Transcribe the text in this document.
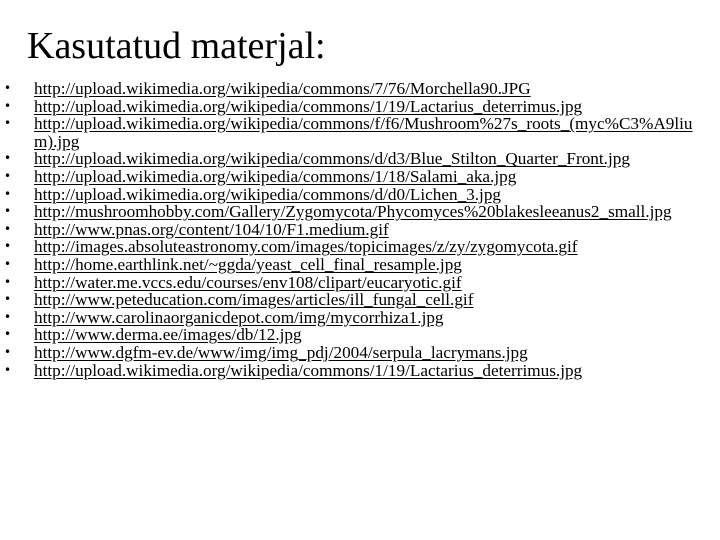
Kasutatud materjal:
• http://upload.wikimedia.org/wikipedia/commons/7/76/Morchella90.JPG
• http://upload.wikimedia.org/wikipedia/commons/1/19/Lactarius_deterrimus.jpg
• http://upload.wikimedia.org/wikipedia/commons/f/f6/Mushroom%27s_roots_(myc%C3%A9lium).jpg
• http://upload.wikimedia.org/wikipedia/commons/d/d3/Blue_Stilton_Quarter_Front.jpg
• http://upload.wikimedia.org/wikipedia/commons/1/18/Salami_aka.jpg
• http://upload.wikimedia.org/wikipedia/commons/d/d0/Lichen_3.jpg
• http://mushroomhobby.com/Gallery/Zygomycota/Phycomyces%20blakesleeanus2_small.jpg
• http://www.pnas.org/content/104/10/F1.medium.gif
• http://images.absoluteastronomy.com/images/topicimages/z/zy/zygomycota.gif
• http://home.earthlink.net/~ggda/yeast_cell_final_resample.jpg
• http://water.me.vccs.edu/courses/env108/clipart/eucaryotic.gif
• http://www.peteducation.com/images/articles/ill_fungal_cell.gif
• http://www.carolinaorganicdepot.com/img/mycorrhiza1.jpg
• http://www.derma.ee/images/db/12.jpg
• http://www.dgfm-ev.de/www/img/img_pdj/2004/serpula_lacrymans.jpg
• http://upload.wikimedia.org/wikipedia/commons/1/19/Lactarius_deterrimus.jpg
